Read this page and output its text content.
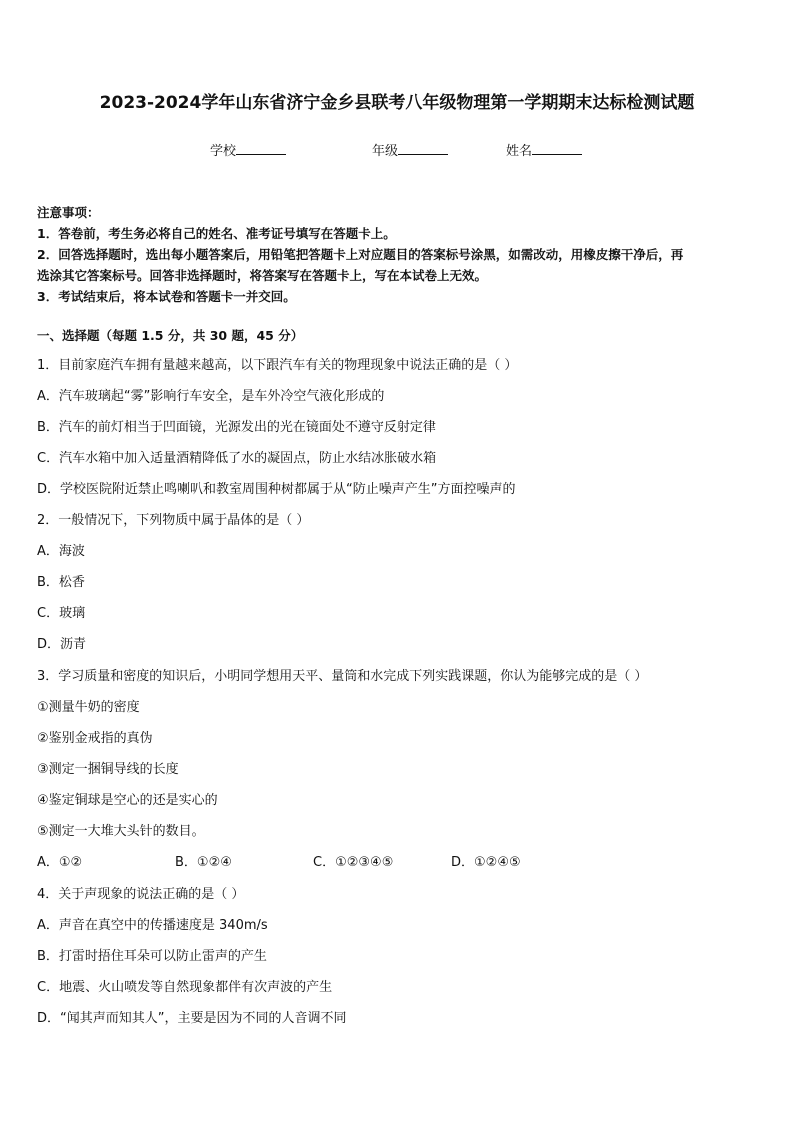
2023-2024学年山东省济宁金乡县联考八年级物理第一学期期末达标检测试题
学校	年级	姓名

注意事项：

1．答卷前，考生务必将自己的姓名、准考证号填写在答题卡上。

2．回答选择题时，选出每小题答案后，用铅笔把答题卡上对应题目的答案标号涂黑，如需改动，用橡皮擦干净后，再

选涂其它答案标号。回答非选择题时，将答案写在答题卡上，写在本试卷上无效。

3．考试结束后，将本试卷和答题卡一并交回。

一、选择题（每题 1.5 分，共 30 题，45 分）
1．目前家庭汽车拥有量越来越高，以下跟汽车有关的物理现象中说法正确的是（ ）
A．汽车玻璃起“雾”影响行车安全，是车外冷空气液化形成的
B．汽车的前灯相当于凹面镜，光源发出的光在镜面处不遵守反射定律
C．汽车水箱中加入适量酒精降低了水的凝固点，防止水结冰胀破水箱
D．学校医院附近禁止鸣喇叭和教室周围种树都属于从“防止噪声产生”方面控噪声的
2．一般情况下，下列物质中属于晶体的是（ ）
A．海波
B．松香
C．玻璃
D．沥青
3．学习质量和密度的知识后，小明同学想用天平、量筒和水完成下列实践课题，你认为能够完成的是（ ）
①测量牛奶的密度
②鉴别金戒指的真伪
③测定一捆铜导线的长度
④鉴定铜球是空心的还是实心的
⑤测定一大堆大头针的数目。
A．①②	B．①②④	C．①②③④⑤	D．①②④⑤
4．关于声现象的说法正确的是（ ）
A．声音在真空中的传播速度是 340m/s
B．打雷时捂住耳朵可以防止雷声的产生
C．地震、火山喷发等自然现象都伴有次声波的产生
D．“闻其声而知其人”，主要是因为不同的人音调不同
